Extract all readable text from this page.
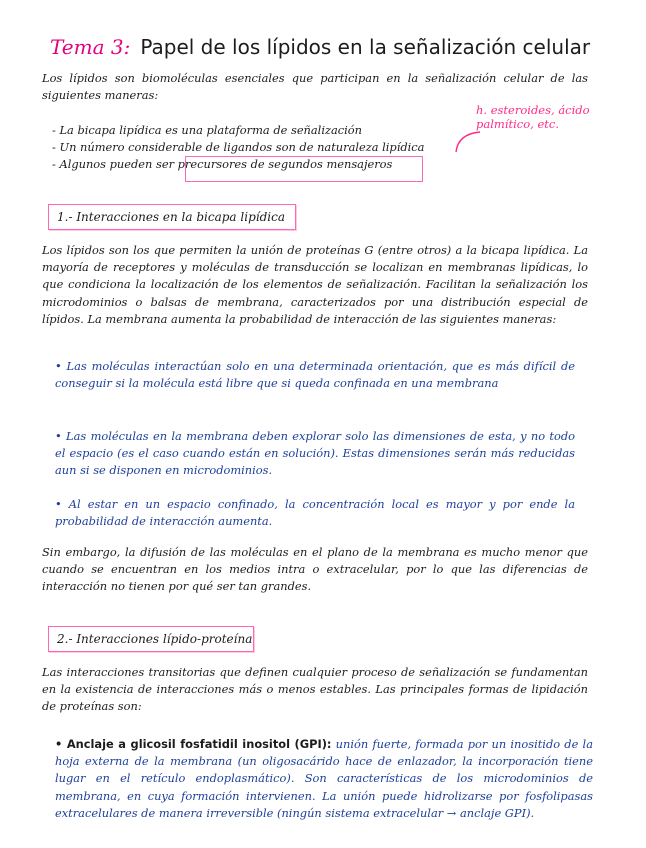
Tema 3: Papel de los lípidos en la señalización celular
Los lípidos son biomoléculas esenciales que participan en la señalización celular de las siguientes maneras:
h. esteroides, ácido palmítico, etc.
- La bicapa lipídica es una plataforma de señalización
- Un número considerable de ligandos son de naturaleza lipídica
- Algunos pueden ser precursores de segundos mensajeros
1.- Interacciones en la bicapa lipídica
Los lípidos son los que permiten la unión de proteínas G (entre otros) a la bicapa lipídica. La mayoría de receptores y moléculas de transducción se localizan en membranas lipídicas, lo que condiciona la localización de los elementos de señalización. Facilitan la señalización los microdominios o balsas de membrana, caracterizados por una distribución especial de lípidos. La membrana aumenta la probabilidad de interacción de las siguientes maneras:
• Las moléculas interactúan solo en una determinada orientación, que es más difícil de conseguir si la molécula está libre que si queda confinada en una membrana
• Las moléculas en la membrana deben explorar solo las dimensiones de esta, y no todo el espacio (es el caso cuando están en solución). Estas dimensiones serán más reducidas aun si se disponen en microdominios.
• Al estar en un espacio confinado, la concentración local es mayor y por ende la probabilidad de interacción aumenta.
Sin embargo, la difusión de las moléculas en el plano de la membrana es mucho menor que cuando se encuentran en los medios intra o extracelular, por lo que las diferencias de interacción no tienen por qué ser tan grandes.
2.- Interacciones lípido-proteína
Las interacciones transitorias que definen cualquier proceso de señalización se fundamentan en la existencia de interacciones más o menos estables. Las principales formas de lipidación de proteínas son:
• Anclaje a glicosil fosfatidil inositol (GPI): unión fuerte, formada por un inositido de la hoja externa de la membrana (un oligosacárido hace de enlazador, la incorporación tiene lugar en el retículo endoplasmático). Son características de los microdominios de membrana, en cuya formación intervienen. La unión puede hidrolizarse por fosfolipasas extracelulares de manera irreversible (ningún sistema extracelular → anclaje GPI).
